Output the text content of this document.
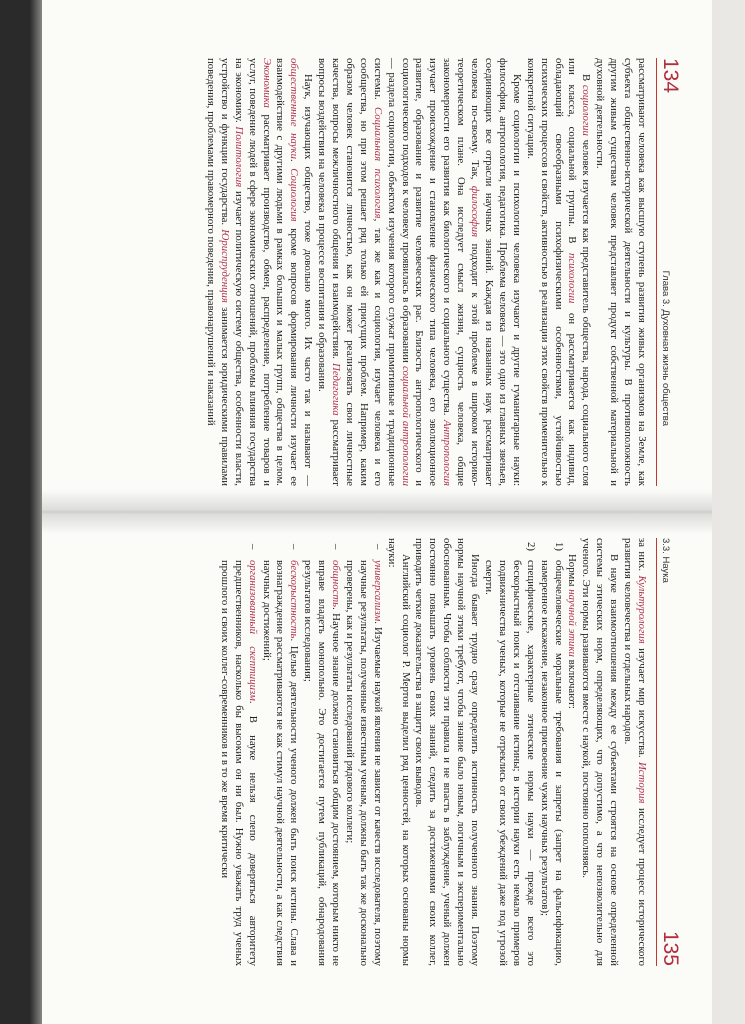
134
Глава 3. Духовная жизнь общества

рассматривают человека как высшую ступень развития живых организмов на Земле, как субъекта общественно-исторической деятельности и культуры. В противоположность другим живым существам человек представляет продукт собственной материальной и духовной деятельности.

В социологии человек изучается как представитель общества, народа, социального слоя или класса, социальной группы. В психологии он рассматривается как индивид, обладающий своеобразными психофизическими особенностями, устойчивостью психических процессов и свойств, активностью в реализации этих свойств применительно к конкретной ситуации.

Кроме социологии и психологии человека изучают и другие гуманитарные науки: философия, антропология, педагогика. Проблема человека — это одно из главных звеньев, соединяющих все отрасли научных знаний. Каждая из названных наук рассматривает человека по-своему. Так, философия подходит к этой проблеме в широком историко-теоретическом плане. Она исследует смысл жизни, сущность человека, общие закономерности его развития как биологического и социального существа. Антропология изучает происхождение и становление физического типа человека, его эволюционное развитие, образование и развитие человеческих рас. Близость антропологического и социологического подходов к человеку проявилась в образовании социальной антропологии — раздела социологии, объектом изучения которого служат примитивные и традиционные системы. Социальная психология, так же как и социология, изучает человека и его сообщества, но при этом решает ряд только ей присущих проблем. Например, каким образом человек становится личностью, как он может реализовать свои личностные качества, вопросы межличностного общения и взаимодействия. Педагогика рассматривает вопросы воздействия на человека в процессе воспитания и образования.

Наук, изучающих общество, тоже довольно много. Их часто так и называют — общественные науки. Социология кроме вопросов формирования личности изучает ее взаимодействие с другими людьми в рамках больших и малых групп, общества в целом. Экономика рассматривает производство, обмен, распределение, потребление товаров и услуг, поведение людей в сфере экономических отношений, проблемы влияния государства на экономику. Политология изучает политическую систему общества, особенности власти, устройство и функции государства. Юриспруденция занимается юридическими правилами поведения, проблемами правомерного поведения, правонарушений и наказаний

3.3. Наука
135

за них. Культурология изучает мир искусства. История исследует процесс исторического развития человечества и отдельных народов.

В науке взаимоотношения между ее субъектами строятся на основе определенной системы этических норм, определяющих, что допустимо, а что непозволительно для ученого. Эти нормы развиваются вместе с наукой, постоянно пополняясь.

Нормы научной этики включают:

1)
общечеловеческие моральные требования и запреты (запрет на фальсификацию, намеренное искажение, незаконное присвоение чужих научных результатов);
2)
специфические, характерные этические нормы науки — прежде всего это бескорыстный поиск и отстаивание истины; в истории науки есть немало примеров подвижничества ученых, которые не отреклись от своих убеждений даже под угрозой смерти.

Иногда бывает трудно сразу определить истинность полученного знания. Поэтому нормы научной этики требуют, чтобы знание было новым, логичным и экспериментально обоснованным. Чтобы соблюсти эти правила и не впасть в заблуждение, ученый должен постоянно повышать уровень своих знаний, следить за достижениями своих коллег, приводить четкие доказательства в защиту своих выводов.

Английский социолог Р. Мертон выделил ряд ценностей, на которых основаны нормы науки:

–
универсализм. Изучаемые наукой явления не зависят от качеств исследователя, поэтому научные результаты, полученные известным ученым, должны быть так же доскональнo проверены, как и результаты исследований рядового коллеги;
–
общность. Научное знание должно становиться общим достоянием, которым никто не вправе владеть монопольно. Это достигается путем публикаций, обнародования результатов исследования;
–
бескорыстность. Целью деятельности ученого должен быть поиск истины. Слава и вознаграждение рассматриваются не как стимул научной деятельности, а как следствия научных достижений;
–
организованный скептицизм. В науке нельзя слепо доверяться авторитету предшественников, насколько бы высоким он ни был. Нужно уважать труд ученых прошлого и своих коллег-современников и в то же время критически
